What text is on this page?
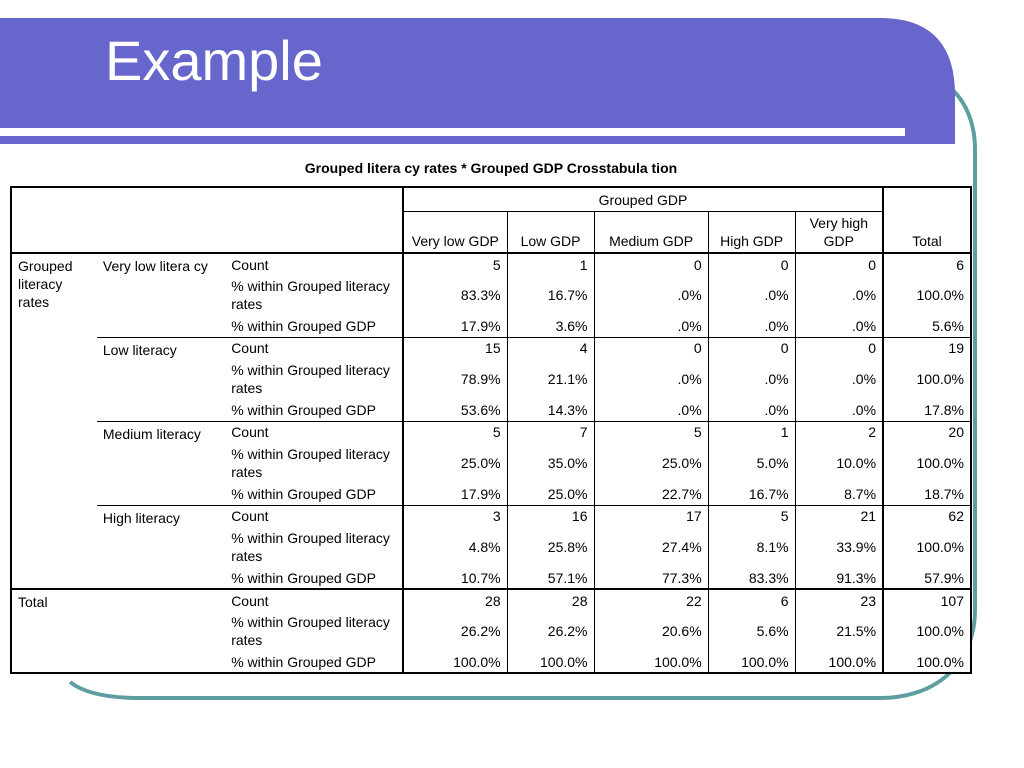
Example
Grouped litera cy rates * Grouped GDP Crosstabula tion
			Grouped GDP					
			Very low GDP	Low GDP	Medium GDP	High GDP	Very high GDP	Total
Grouped literacy rates	Very low litera cy	Count	5	1	0	0	0	6
		% within Grouped literacy rates	83.3%	16.7%	.0%	.0%	.0%	100.0%
		% within Grouped GDP	17.9%	3.6%	.0%	.0%	.0%	5.6%
	Low literacy	Count	15	4	0	0	0	19
		% within Grouped literacy rates	78.9%	21.1%	.0%	.0%	.0%	100.0%
		% within Grouped GDP	53.6%	14.3%	.0%	.0%	.0%	17.8%
	Medium literacy	Count	5	7	5	1	2	20
		% within Grouped literacy rates	25.0%	35.0%	25.0%	5.0%	10.0%	100.0%
		% within Grouped GDP	17.9%	25.0%	22.7%	16.7%	8.7%	18.7%
	High literacy	Count	3	16	17	5	21	62
		% within Grouped literacy rates	4.8%	25.8%	27.4%	8.1%	33.9%	100.0%
		% within Grouped GDP	10.7%	57.1%	77.3%	83.3%	91.3%	57.9%
Total		Count	28	28	22	6	23	107
		% within Grouped literacy rates	26.2%	26.2%	20.6%	5.6%	21.5%	100.0%
		% within Grouped GDP	100.0%	100.0%	100.0%	100.0%	100.0%	100.0%
